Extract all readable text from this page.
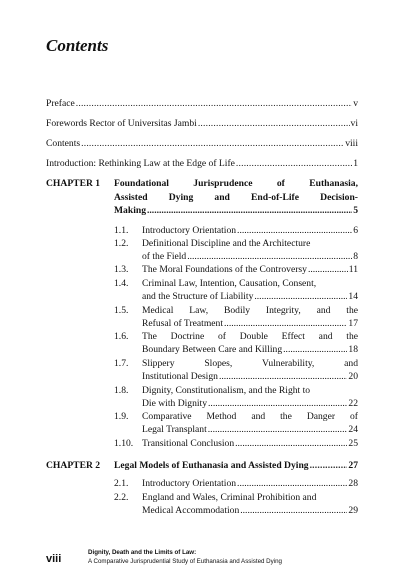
Contents
Preface .....	v
Forewords Rector of Universitas Jambi .....	vi
Contents .....	viii
Introduction: Rethinking Law at the Edge of Life .....	1
CHAPTER 1 Foundational Jurisprudence of Euthanasia,
Assisted Dying and End-of-Life Decision-
Making .....	5
1.1. Introductory Orientation .....	6
1.2. Definitional Discipline and the Architecture
of the Field .....	8
1.3. The Moral Foundations of the Controversy .....	11
1.4. Criminal Law, Intention, Causation, Consent,
and the Structure of Liability .....	14
1.5. Medical Law, Bodily Integrity, and the
Refusal of Treatment .....	17
1.6. The Doctrine of Double Effect and the
Boundary Between Care and Killing .....	18
1.7. Slippery Slopes, Vulnerability, and
Institutional Design .....	20
1.8. Dignity, Constitutionalism, and the Right to
Die with Dignity .....	22
1.9. Comparative Method and the Danger of
Legal Transplant .....	24
1.10. Transitional Conclusion .....	25
CHAPTER 2	Legal Models of Euthanasia and Assisted Dying .....	27
2.1. Introductory Orientation .....	28
2.2. England and Wales, Criminal Prohibition and
Medical Accommodation .....	29
viii
Dignity, Death and the Limits of Law:
A Comparative Jurisprudential Study of Euthanasia and Assisted Dying
